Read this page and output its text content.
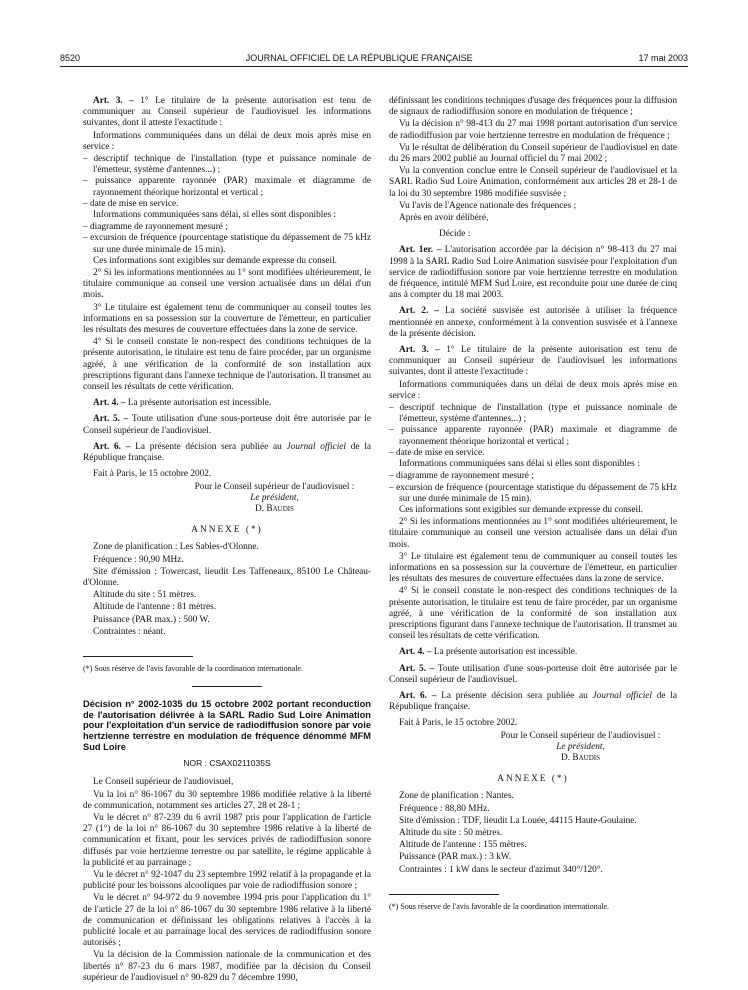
8520	JOURNAL OFFICIEL DE LA RÉPUBLIQUE FRANÇAISE	17 mai 2003

Art. 3. – 1° Le titulaire de la présente autorisation est tenu de communiquer au Conseil supérieur de l'audiovisuel les informations suivantes, dont il atteste l'exactitude :

Informations communiquées dans un délai de deux mois après mise en service :

– descriptif technique de l'installation (type et puissance nominale de l'émetteur, système d'antennes...) ;
– puissance apparente rayonnée (PAR) maximale et diagramme de rayonnement théorique horizontal et vertical ;
– date de mise en service.

Informations communiquées sans délai, si elles sont disponibles :

– diagramme de rayonnement mesuré ;
– excursion de fréquence (pourcentage statistique du dépassement de 75 kHz sur une durée minimale de 15 min).

Ces informations sont exigibles sur demande expresse du conseil.

2° Si les informations mentionnées au 1° sont modifiées ultérieurement, le titulaire communique au conseil une version actualisée dans un délai d'un mois.

3° Le titulaire est également tenu de communiquer au conseil toutes les informations en sa possession sur la couverture de l'émetteur, en particulier les résultats des mesures de couverture effectuées dans la zone de service.

4° Si le conseil constate le non-respect des conditions techniques de la présente autorisation, le titulaire est tenu de faire procéder, par un organisme agréé, à une vérification de la conformité de son installation aux prescriptions figurant dans l'annexe technique de l'autorisation. Il transmet au conseil les résultats de cette vérification.

Art. 4. – La présente autorisation est incessible.

Art. 5. – Toute utilisation d'une sous-porteuse doit être autorisée par le Conseil supérieur de l'audiovisuel.

Art. 6. – La présente décision sera publiée au Journal officiel de la République française.

Fait à Paris, le 15 octobre 2002.

Pour le Conseil supérieur de l'audiovisuel :
Le président,
D. Baudis
ANNEXE (*)

Zone de planification : Les Sables-d'Olonne.

Fréquence : 90,90 MHz.

Site d'émission : Towercast, lieudit Les Taffeneaux, 85100 Le Château-d'Olonne.

Altitude du site : 51 mètres.

Altitude de l'antenne : 81 mètres.

Puissance (PAR max.) : 500 W.

Contraintes : néant.

(*) Sous réserve de l'avis favorable de la coordination internationale.

Décision n° 2002-1035 du 15 octobre 2002 portant reconduction de l'autorisation délivrée à la SARL Radio Sud Loire Animation pour l'exploitation d'un service de radiodiffusion sonore par voie hertzienne terrestre en modulation de fréquence dénommé MFM Sud Loire
NOR : CSAX0211035S

Le Conseil supérieur de l'audiovisuel,

Vu la loi n° 86-1067 du 30 septembre 1986 modifiée relative à la liberté de communication, notamment ses articles 27, 28 et 28-1 ;

Vu le décret n° 87-239 du 6 avril 1987 pris pour l'application de l'article 27 (1°) de la loi n° 86-1067 du 30 septembre 1986 relative à la liberté de communication et fixant, pour les services privés de radiodiffusion sonore diffusés par voie hertzienne terrestre ou par satellite, le régime applicable à la publicité et au parrainage ;

Vu le décret n° 92-1047 du 23 septembre 1992 relatif à la propagande et la publicité pour les boissons alcooliques par voie de radiodiffusion sonore ;

Vu le décret n° 94-972 du 9 novembre 1994 pris pour l'application du 1° de l'article 27 de la loi n° 86-1067 du 30 septembre 1986 relative à la liberté de communication et définissant les obligations relatives à l'accès à la publicité locale et au parrainage local des services de radiodiffusion sonore autorisés ;

Vu la décision de la Commission nationale de la communication et des libertés n° 87-23 du 6 mars 1987, modifiée par la décision du Conseil supérieur de l'audiovisuel n° 90-829 du 7 décembre 1990,

définissant les conditions techniques d'usage des fréquences pour la diffusion de signaux de radiodiffusion sonore en modulation de fréquence ;

Vu la décision n° 98-413 du 27 mai 1998 portant autorisation d'un service de radiodiffusion par voie hertzienne terrestre en modulation de fréquence ;

Vu le résultat de délibération du Conseil supérieur de l'audiovisuel en date du 26 mars 2002 publié au Journal officiel du 7 mai 2002 ;

Vu la convention conclue entre le Conseil supérieur de l'audiovisuel et la SARL Radio Sud Loire Animation, conformément aux articles 28 et 28-1 de la loi du 30 septembre 1986 modifiée susvisée ;

Vu l'avis de l'Agence nationale des fréquences ;

Après en avoir délibéré,

Décide :

Art. 1er. – L'autorisation accordée par la décision n° 98-413 du 27 mai 1998 à la SARL Radio Sud Loire Animation susvisée pour l'exploitation d'un service de radiodiffusion sonore par voie hertzienne terrestre en modulation de fréquence, intitulé MFM Sud Loire, est reconduite pour une durée de cinq ans à compter du 18 mai 2003.

Art. 2. – La société susvisée est autorisée à utiliser la fréquence mentionnée en annexe, conformément à la convention susvisée et à l'annexe de la présente décision.

Art. 3. – 1° Le titulaire de la présente autorisation est tenu de communiquer au Conseil supérieur de l'audiovisuel les informations suivantes, dont il atteste l'exactitude :

Informations communiquées dans un délai de deux mois après mise en service :

– descriptif technique de l'installation (type et puissance nominale de l'émetteur, système d'antennes...) ;
– puissance apparente rayonnée (PAR) maximale et diagramme de rayonnement théorique horizontal et vertical ;
– date de mise en service.

Informations communiquées sans délai si elles sont disponibles :

– diagramme de rayonnement mesuré ;
– excursion de fréquence (pourcentage statistique du dépassement de 75 kHz sur une durée minimale de 15 min).

Ces informations sont exigibles sur demande expresse du conseil.

2° Si les informations mentionnées au 1° sont modifiées ultérieurement, le titulaire communique au conseil une version actualisée dans un délai d'un mois.

3° Le titulaire est également tenu de communiquer au conseil toutes les informations en sa possession sur la couverture de l'émetteur, en particulier les résultats des mesures de couverture effectuées dans la zone de service.

4° Si le conseil constate le non-respect des conditions techniques de la présente autorisation, le titulaire est tenu de faire procéder, par un organisme agréé, à une vérification de la conformité de son installation aux prescriptions figurant dans l'annexe technique de l'autorisation. Il transmet au conseil les résultats de cette vérification.

Art. 4. – La présente autorisation est incessible.

Art. 5. – Toute utilisation d'une sous-porteuse doit être autorisée par le Conseil supérieur de l'audiovisuel.

Art. 6. – La présente décision sera publiée au Journal officiel de la République française.

Fait à Paris, le 15 octobre 2002.

Pour le Conseil supérieur de l'audiovisuel :
Le président,
D. Baudis
ANNEXE (*)

Zone de planification : Nantes.

Fréquence : 88,80 MHz.

Site d'émission : TDF, lieudit La Louée, 44115 Haute-Goulaine.

Altitude du site : 50 mètres.

Altitude de l'antenne : 155 mètres.

Puissance (PAR max.) : 3 kW.

Contraintes : 1 kW dans le secteur d'azimut 340°/120°.

(*) Sous réserve de l'avis favorable de la coordination internationale.
